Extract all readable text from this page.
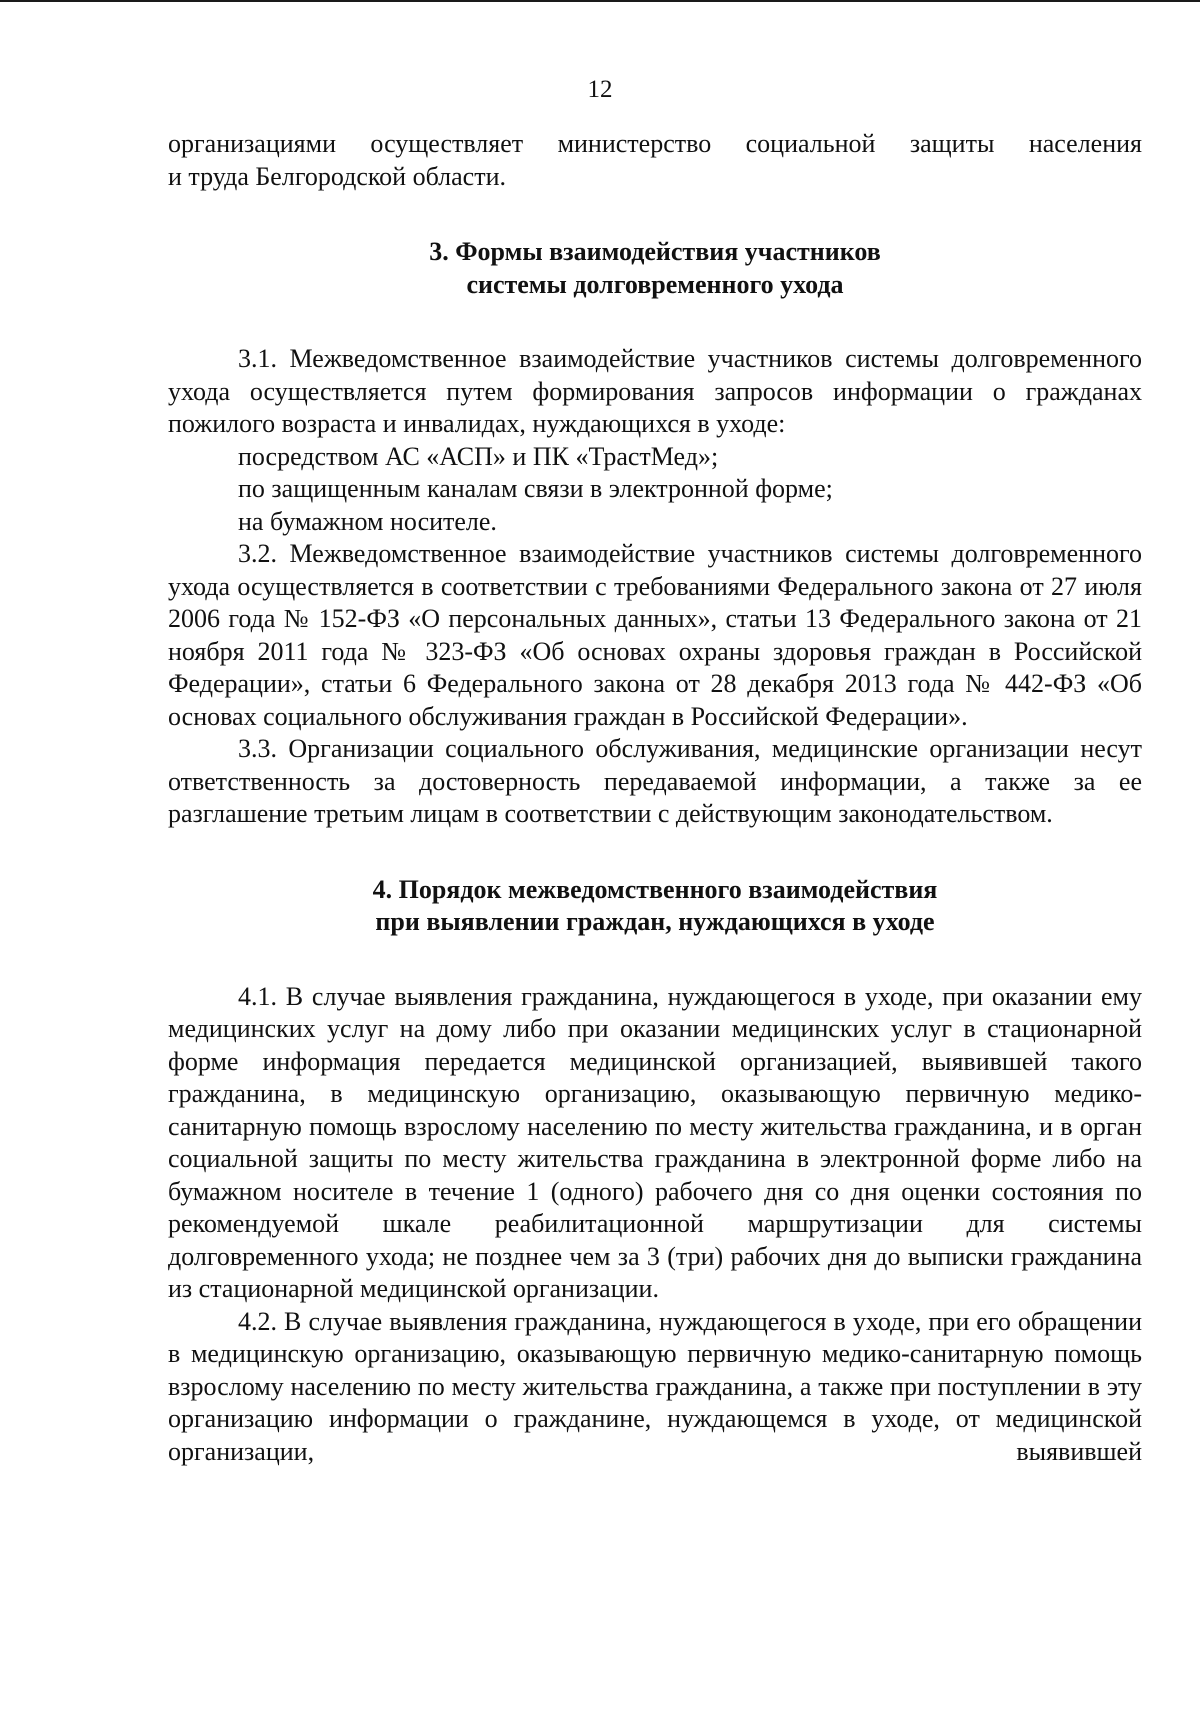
12

организациями осуществляет министерство социальной защиты населения
и труда Белгородской области.

3. Формы взаимодействия участников
системы долговременного ухода

3.1. Межведомственное взаимодействие участников системы долговременного ухода осуществляется путем формирования запросов информации о гражданах пожилого возраста и инвалидах, нуждающихся в уходе:

посредством АС «АСП» и ПК «ТрастМед»;

по защищенным каналам связи в электронной форме;

на бумажном носителе.

3.2. Межведомственное взаимодействие участников системы долговременного ухода осуществляется в соответствии с требованиями Федерального закона от 27 июля 2006 года № 152-ФЗ «О персональных данных», статьи 13 Федерального закона от 21 ноября 2011 года № 323-ФЗ «Об основах охраны здоровья граждан в Российской Федерации», статьи 6 Федерального закона от 28 декабря 2013 года № 442-ФЗ «Об основах социального обслуживания граждан в Российской Федерации».

3.3. Организации социального обслуживания, медицинские организации несут ответственность за достоверность передаваемой информации, а также за ее разглашение третьим лицам в соответствии с действующим законодательством.

4. Порядок межведомственного взаимодействия
при выявлении граждан, нуждающихся в уходе

4.1. В случае выявления гражданина, нуждающегося в уходе, при оказании ему медицинских услуг на дому либо при оказании медицинских услуг в стационарной форме информация передается медицинской организацией, выявившей такого гражданина, в медицинскую организацию, оказывающую первичную медико-санитарную помощь взрослому населению по месту жительства гражданина, и в орган социальной защиты по месту жительства гражданина в электронной форме либо на бумажном носителе в течение 1 (одного) рабочего дня со дня оценки состояния по рекомендуемой шкале реабилитационной маршрутизации для системы долговременного ухода; не позднее чем за 3 (три) рабочих дня до выписки гражданина из стационарной медицинской организации.

4.2. В случае выявления гражданина, нуждающегося в уходе, при его обращении в медицинскую организацию, оказывающую первичную медико-санитарную помощь взрослому населению по месту жительства гражданина, а также при поступлении в эту организацию информации о гражданине, нуждающемся в уходе, от медицинской организации, выявившей
